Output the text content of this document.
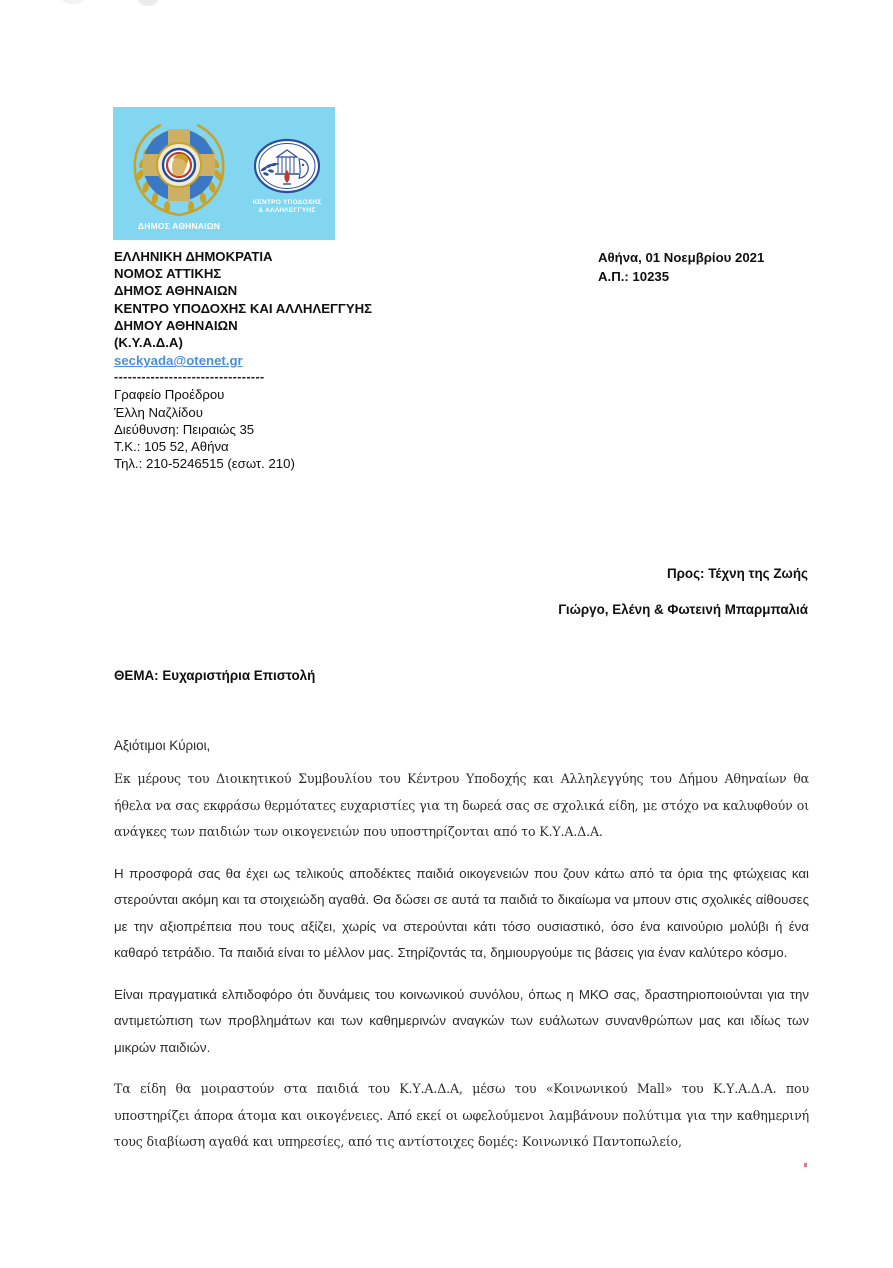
ΔΗΜΟΣ ΑΘΗΝΑΙΩΝ
ΚΕΝΤΡΟ ΥΠΟΔΟΧΗΣ
& ΑΛΛΗΛΕΓΓΥΗΣ
ΕΛΛΗΝΙΚΗ ΔΗΜΟΚΡΑΤΙΑ
ΝΟΜΟΣ ΑΤΤΙΚΗΣ
ΔΗΜΟΣ ΑΘΗΝΑΙΩΝ
ΚΕΝΤΡΟ ΥΠΟΔΟΧΗΣ ΚΑΙ ΑΛΛΗΛΕΓΓΥΗΣ
ΔΗΜΟΥ ΑΘΗΝΑΙΩΝ
(Κ.Υ.Α.Δ.Α)
seckyada@otenet.gr
---------------------------------
Γραφείο Προέδρου
Έλλη Ναζλίδου
Διεύθυνση: Πειραιώς 35
Τ.Κ.: 105 52, Αθήνα
Τηλ.: 210-5246515 (εσωτ. 210)
Αθήνα, 01 Νοεμβρίου 2021
Α.Π.: 10235
Προς: Τέχνη της Ζωής
Γιώργο, Ελένη & Φωτεινή Μπαρμπαλιά
ΘΕΜΑ: Ευχαριστήρια Επιστολή
Αξιότιμοι Κύριοι,

Εκ μέρους του Διοικητικού Συμβουλίου του Κέντρου Υποδοχής και Αλληλεγγύης του Δήμου Αθηναίων θα ήθελα να σας εκφράσω θερμότατες ευχαριστίες για τη δωρεά σας σε σχολικά είδη, με στόχο να καλυφθούν οι ανάγκες των παιδιών των οικογενειών που υποστηρίζονται από το Κ.Υ.Α.Δ.Α.

Η προσφορά σας θα έχει ως τελικούς αποδέκτες παιδιά οικογενειών που ζουν κάτω από τα όρια της φτώχειας και στερούνται ακόμη και τα στοιχειώδη αγαθά. Θα δώσει σε αυτά τα παιδιά το δικαίωμα να μπουν στις σχολικές αίθουσες με την αξιοπρέπεια που τους αξίζει, χωρίς να στερούνται κάτι τόσο ουσιαστικό, όσο ένα καινούριο μολύβι ή ένα καθαρό τετράδιο. Τα παιδιά είναι το μέλλον μας. Στηρίζοντάς τα, δημιουργούμε τις βάσεις για έναν καλύτερο κόσμο.

Είναι πραγματικά ελπιδοφόρο ότι δυνάμεις του κοινωνικού συνόλου, όπως η ΜΚΟ σας, δραστηριοποιούνται για την αντιμετώπιση των προβλημάτων και των καθημερινών αναγκών των ευάλωτων συνανθρώπων μας και ιδίως των μικρών παιδιών.

Τα είδη θα μοιραστούν στα παιδιά του Κ.Υ.Α.Δ.Α, μέσω του «Κοινωνικού Mall» του Κ.Υ.Α.Δ.Α. που υποστηρίζει άπορα άτομα και οικογένειες. Από εκεί οι ωφελούμενοι λαμβάνουν πολύτιμα για την καθημερινή τους διαβίωση αγαθά και υπηρεσίες, από τις αντίστοιχες δομές: Κοινωνικό Παντοπωλείο,
